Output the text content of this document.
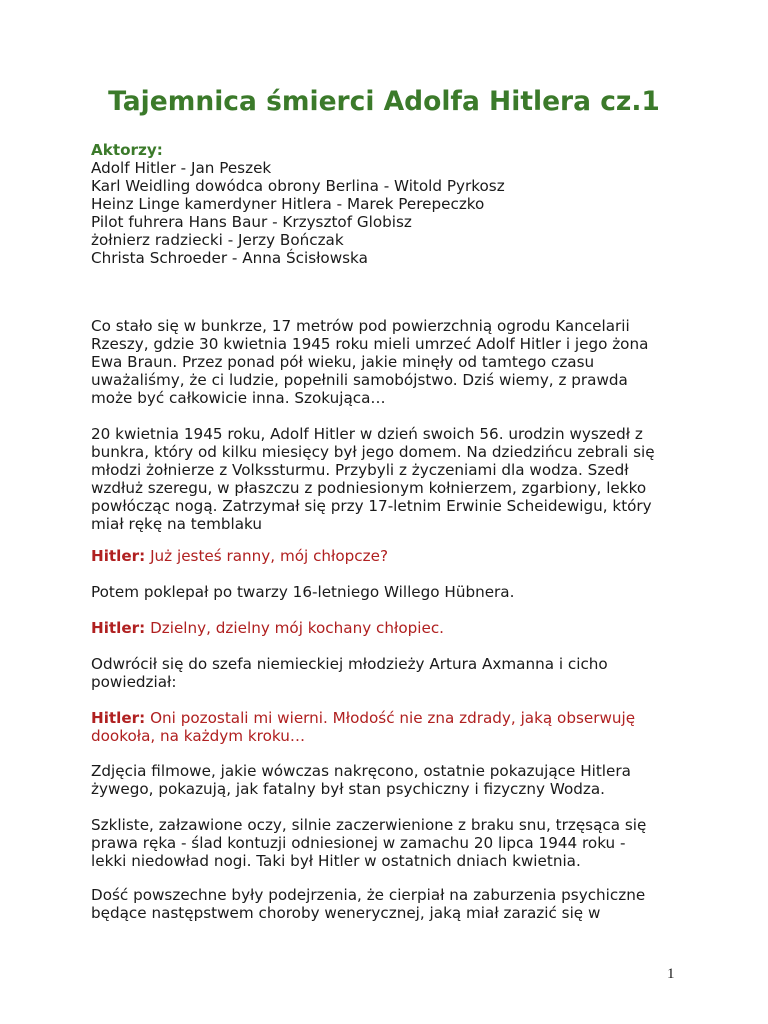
Tajemnica śmierci Adolfa Hitlera cz.1
Aktorzy:
Adolf Hitler - Jan Peszek
Karl Weidling dowódca obrony Berlina - Witold Pyrkosz
Heinz Linge kamerdyner Hitlera - Marek Perepeczko
Pilot fuhrera Hans Baur - Krzysztof Globisz
żołnierz radziecki - Jerzy Bończak
Christa Schroeder - Anna Ścisłowska
Co stało się w bunkrze, 17 metrów pod powierzchnią ogrodu Kancelarii
Rzeszy, gdzie 30 kwietnia 1945 roku mieli umrzeć Adolf Hitler i jego żona
Ewa Braun. Przez ponad pół wieku, jakie minęły od tamtego czasu
uważaliśmy, że ci ludzie, popełnili samobójstwo. Dziś wiemy, z prawda
może być całkowicie inna. Szokująca…
20 kwietnia 1945 roku, Adolf Hitler w dzień swoich 56. urodzin wyszedł z
bunkra, który od kilku miesięcy był jego domem. Na dziedzińcu zebrali się
młodzi żołnierze z Volkssturmu. Przybyli z życzeniami dla wodza. Szedł
wzdłuż szeregu, w płaszczu z podniesionym kołnierzem, zgarbiony, lekko
powłócząc nogą. Zatrzymał się przy 17-letnim Erwinie Scheidewigu, który
miał rękę na temblaku
Hitler: Już jesteś ranny, mój chłopcze?
Potem poklepał po twarzy 16-letniego Willego Hübnera.
Hitler: Dzielny, dzielny mój kochany chłopiec.
Odwrócił się do szefa niemieckiej młodzieży Artura Axmanna i cicho
powiedział:
Hitler: Oni pozostali mi wierni. Młodość nie zna zdrady, jaką obserwuję
dookoła, na każdym kroku…
Zdjęcia filmowe, jakie wówczas nakręcono, ostatnie pokazujące Hitlera
żywego, pokazują, jak fatalny był stan psychiczny i fizyczny Wodza.
Szkliste, załzawione oczy, silnie zaczerwienione z braku snu, trzęsąca się
prawa ręka - ślad kontuzji odniesionej w zamachu 20 lipca 1944 roku -
lekki niedowład nogi. Taki był Hitler w ostatnich dniach kwietnia.
Dość powszechne były podejrzenia, że cierpiał na zaburzenia psychiczne
będące następstwem choroby wenerycznej, jaką miał zarazić się w
1
